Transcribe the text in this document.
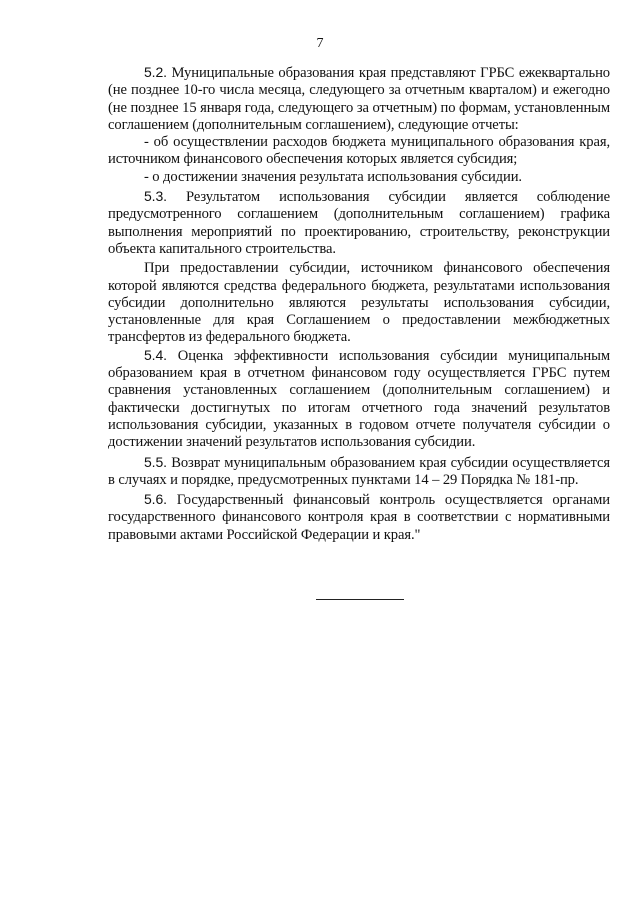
7

5.2. Муниципальные образования края представляют ГРБС ежеквартально (не позднее 10-го числа месяца, следующего за отчетным кварталом) и ежегодно (не позднее 15 января года, следующего за отчетным) по формам, установленным соглашением (дополнительным соглашением), следующие отчеты:

- об осуществлении расходов бюджета муниципального образования края, источником финансового обеспечения которых является субсидия;

- о достижении значения результата использования субсидии.

5.3. Результатом использования субсидии является соблюдение предусмотренного соглашением (дополнительным соглашением) графика выполнения мероприятий по проектированию, строительству, реконструкции объекта капитального строительства.

При предоставлении субсидии, источником финансового обеспечения которой являются средства федерального бюджета, результатами использования субсидии дополнительно являются результаты использования субсидии, установленные для края Соглашением о предоставлении межбюджетных трансфертов из федерального бюджета.

5.4. Оценка эффективности использования субсидии муниципальным образованием края в отчетном финансовом году осуществляется ГРБС путем сравнения установленных соглашением (дополнительным соглашением) и фактически достигнутых по итогам отчетного года значений результатов использования субсидии, указанных в годовом отчете получателя субсидии о достижении значений результатов использования субсидии.

5.5. Возврат муниципальным образованием края субсидии осуществляется в случаях и порядке, предусмотренных пунктами 14 – 29 Порядка № 181-пр.

5.6. Государственный финансовый контроль осуществляется органами государственного финансового контроля края в соответствии с нормативными правовыми актами Российской Федерации и края."
